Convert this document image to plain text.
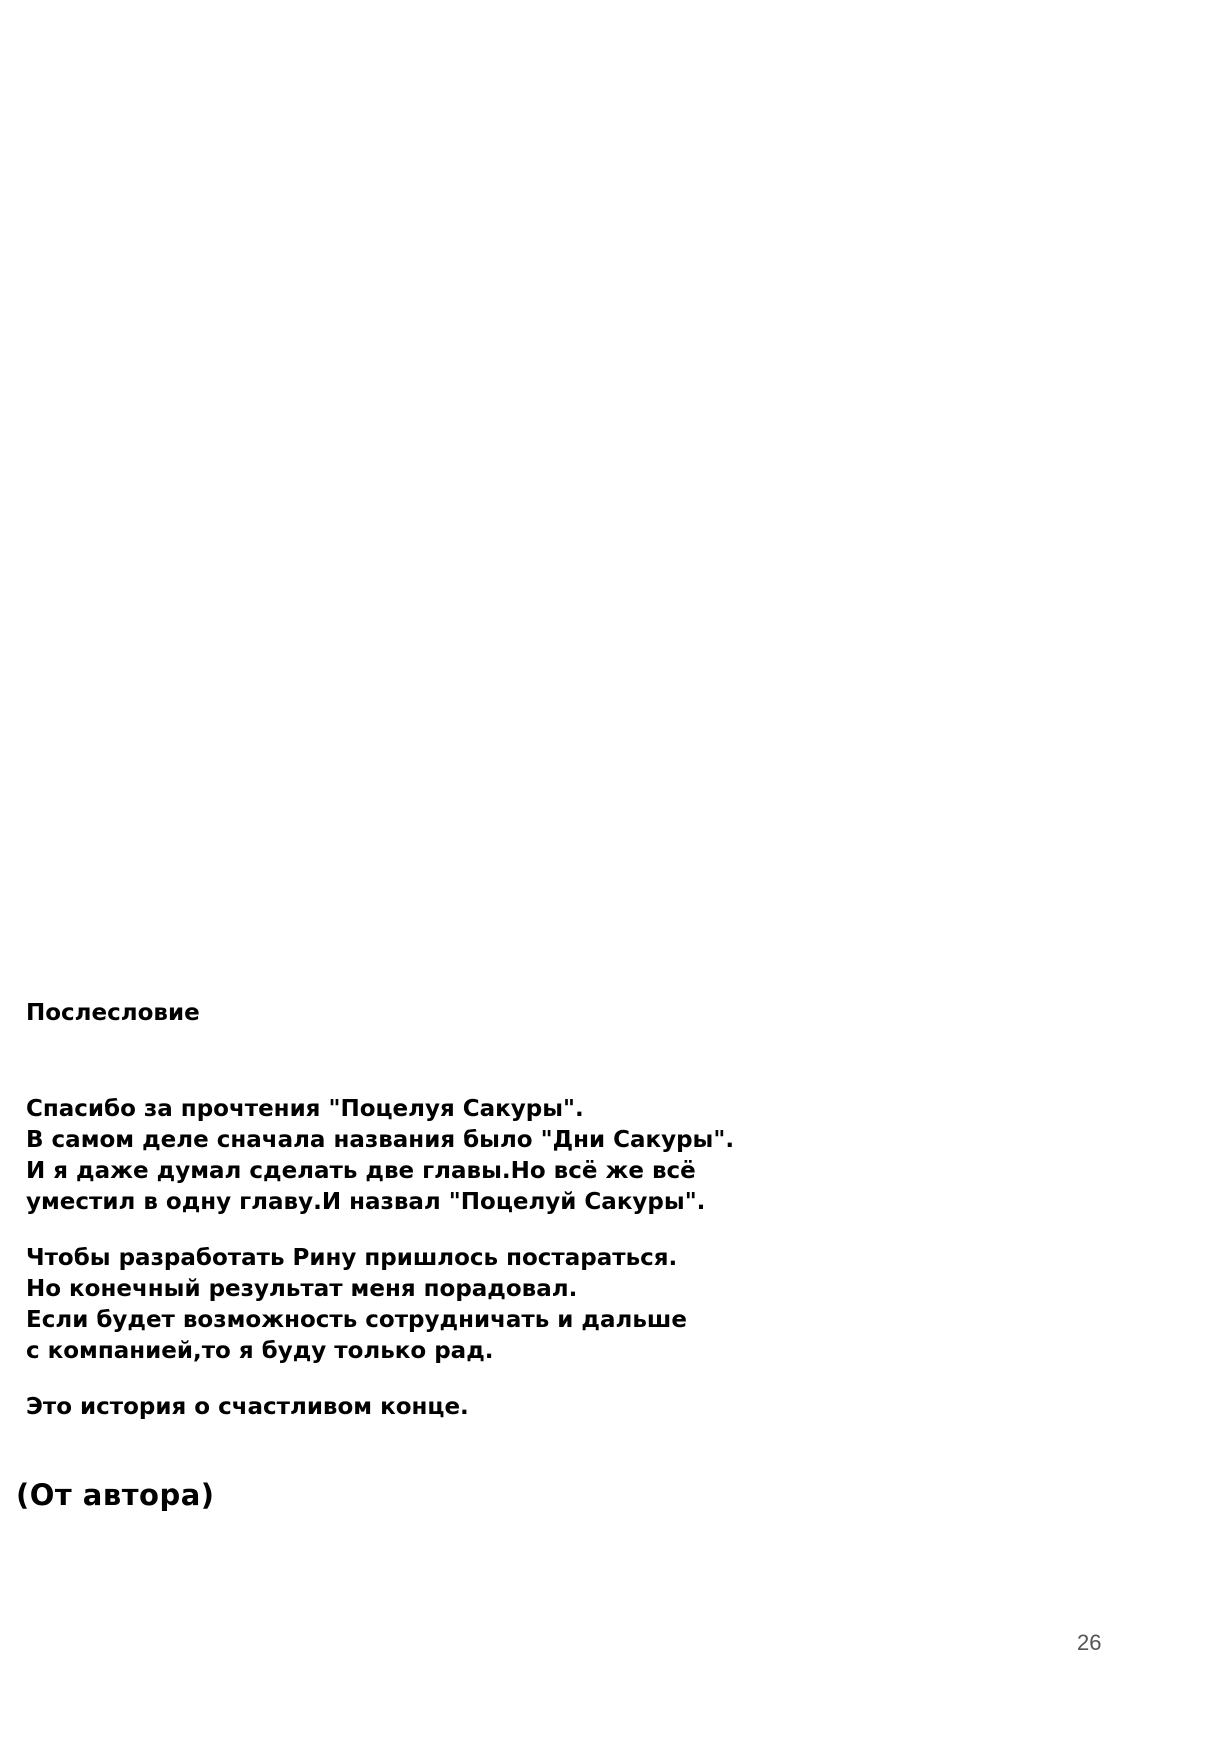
Послесловие

Спасибо за прочтения "Поцелуя Сакуры".
В самом деле сначала названия было "Дни Сакуры".
И я даже думал сделать две главы.Но всё же всё
уместил в одну главу.И назвал "Поцелуй Сакуры".

Чтобы разработать Рину пришлось постараться.
Но конечный результат меня порадовал.
Если будет возможность сотрудничать и дальше
с компанией,то я буду только рад.

Это история о счастливом конце.

(От автора)

26
